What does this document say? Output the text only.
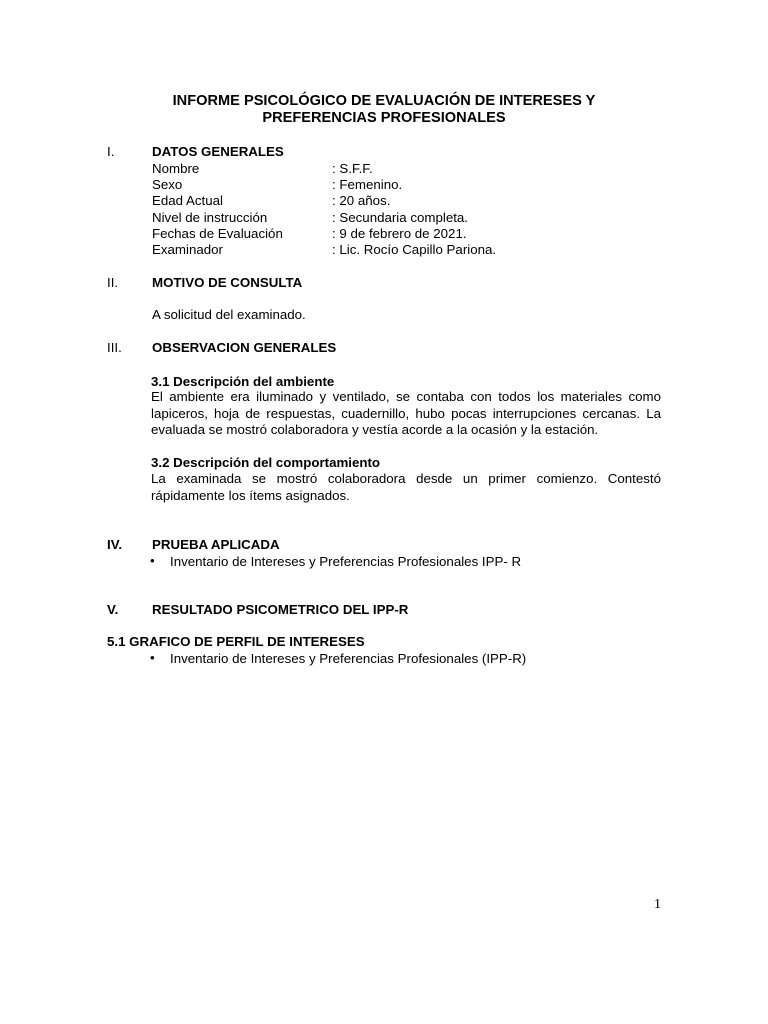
INFORME PSICOLÓGICO DE EVALUACIÓN DE INTERESES Y
PREFERENCIAS PROFESIONALES
I.	DATOS GENERALES
Nombre	: S.F.F.
Sexo	: Femenino.
Edad Actual	: 20 años.
Nivel de instrucción	: Secundaria completa.
Fechas de Evaluación	: 9 de febrero de 2021.
Examinador	: Lic. Rocío Capillo Pariona.
II.	MOTIVO DE CONSULTA
A solicitud del examinado.
III. OBSERVACION GENERALES
3.1 Descripción del ambiente
El ambiente era iluminado y ventilado, se contaba con todos los materiales como
lapiceros, hoja de respuestas, cuadernillo, hubo pocas interrupciones cercanas. La
evaluada se mostró colaboradora y vestía acorde a la ocasión y la estación.
3.2 Descripción del comportamiento
La examinada se mostró colaboradora desde un primer comienzo. Contestó
rápidamente los ítems asignados.
IV. PRUEBA APLICADA
• Inventario de Intereses y Preferencias Profesionales IPP- R
V.	RESULTADO PSICOMETRICO DEL IPP-R
5.1 GRAFICO DE PERFIL DE INTERESES
• Inventario de Intereses y Preferencias Profesionales (IPP-R)
1
